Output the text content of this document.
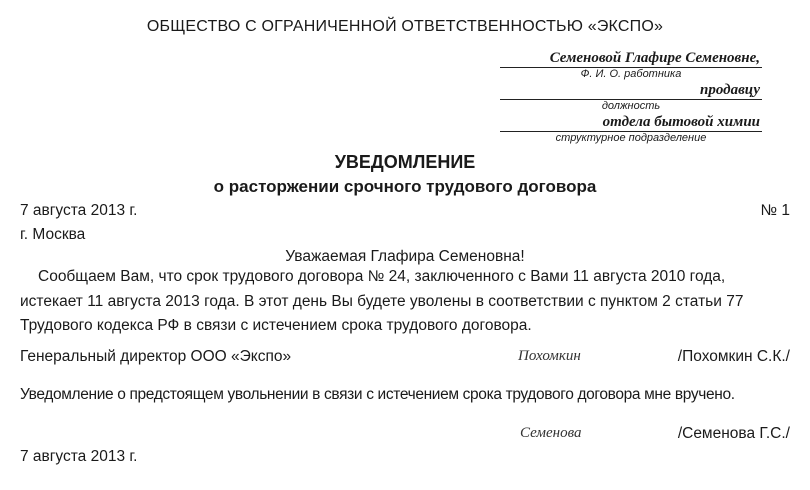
ОБЩЕСТВО С ОГРАНИЧЕННОЙ ОТВЕТСТВЕННОСТЬЮ «ЭКСПО»
Семеновой Глафире Семеновне,
Ф. И. О. работника
продавцу
должность
отдела бытовой химии
структурное подразделение
УВЕДОМЛЕНИЕ
о расторжении срочного трудового договора
7 августа 2013 г.	№ 1
г. Москва
Уважаемая Глафира Семеновна!
Сообщаем Вам, что срок трудового договора № 24, заключенного с Вами 11 августа 2010 года,
истекает 11 августа 2013 года. В этот день Вы будете уволены в соответствии с пунктом 2 статьи 77
Трудового кодекса РФ в связи с истечением срока трудового договора.
Генеральный директор ООО «Экспо»	Похомкин	/Похомкин С.К./
Уведомление о предстоящем увольнении в связи с истечением срока трудового договора мне вручено.
Семенова	/Семенова Г.С./
7 августа 2013 г.
